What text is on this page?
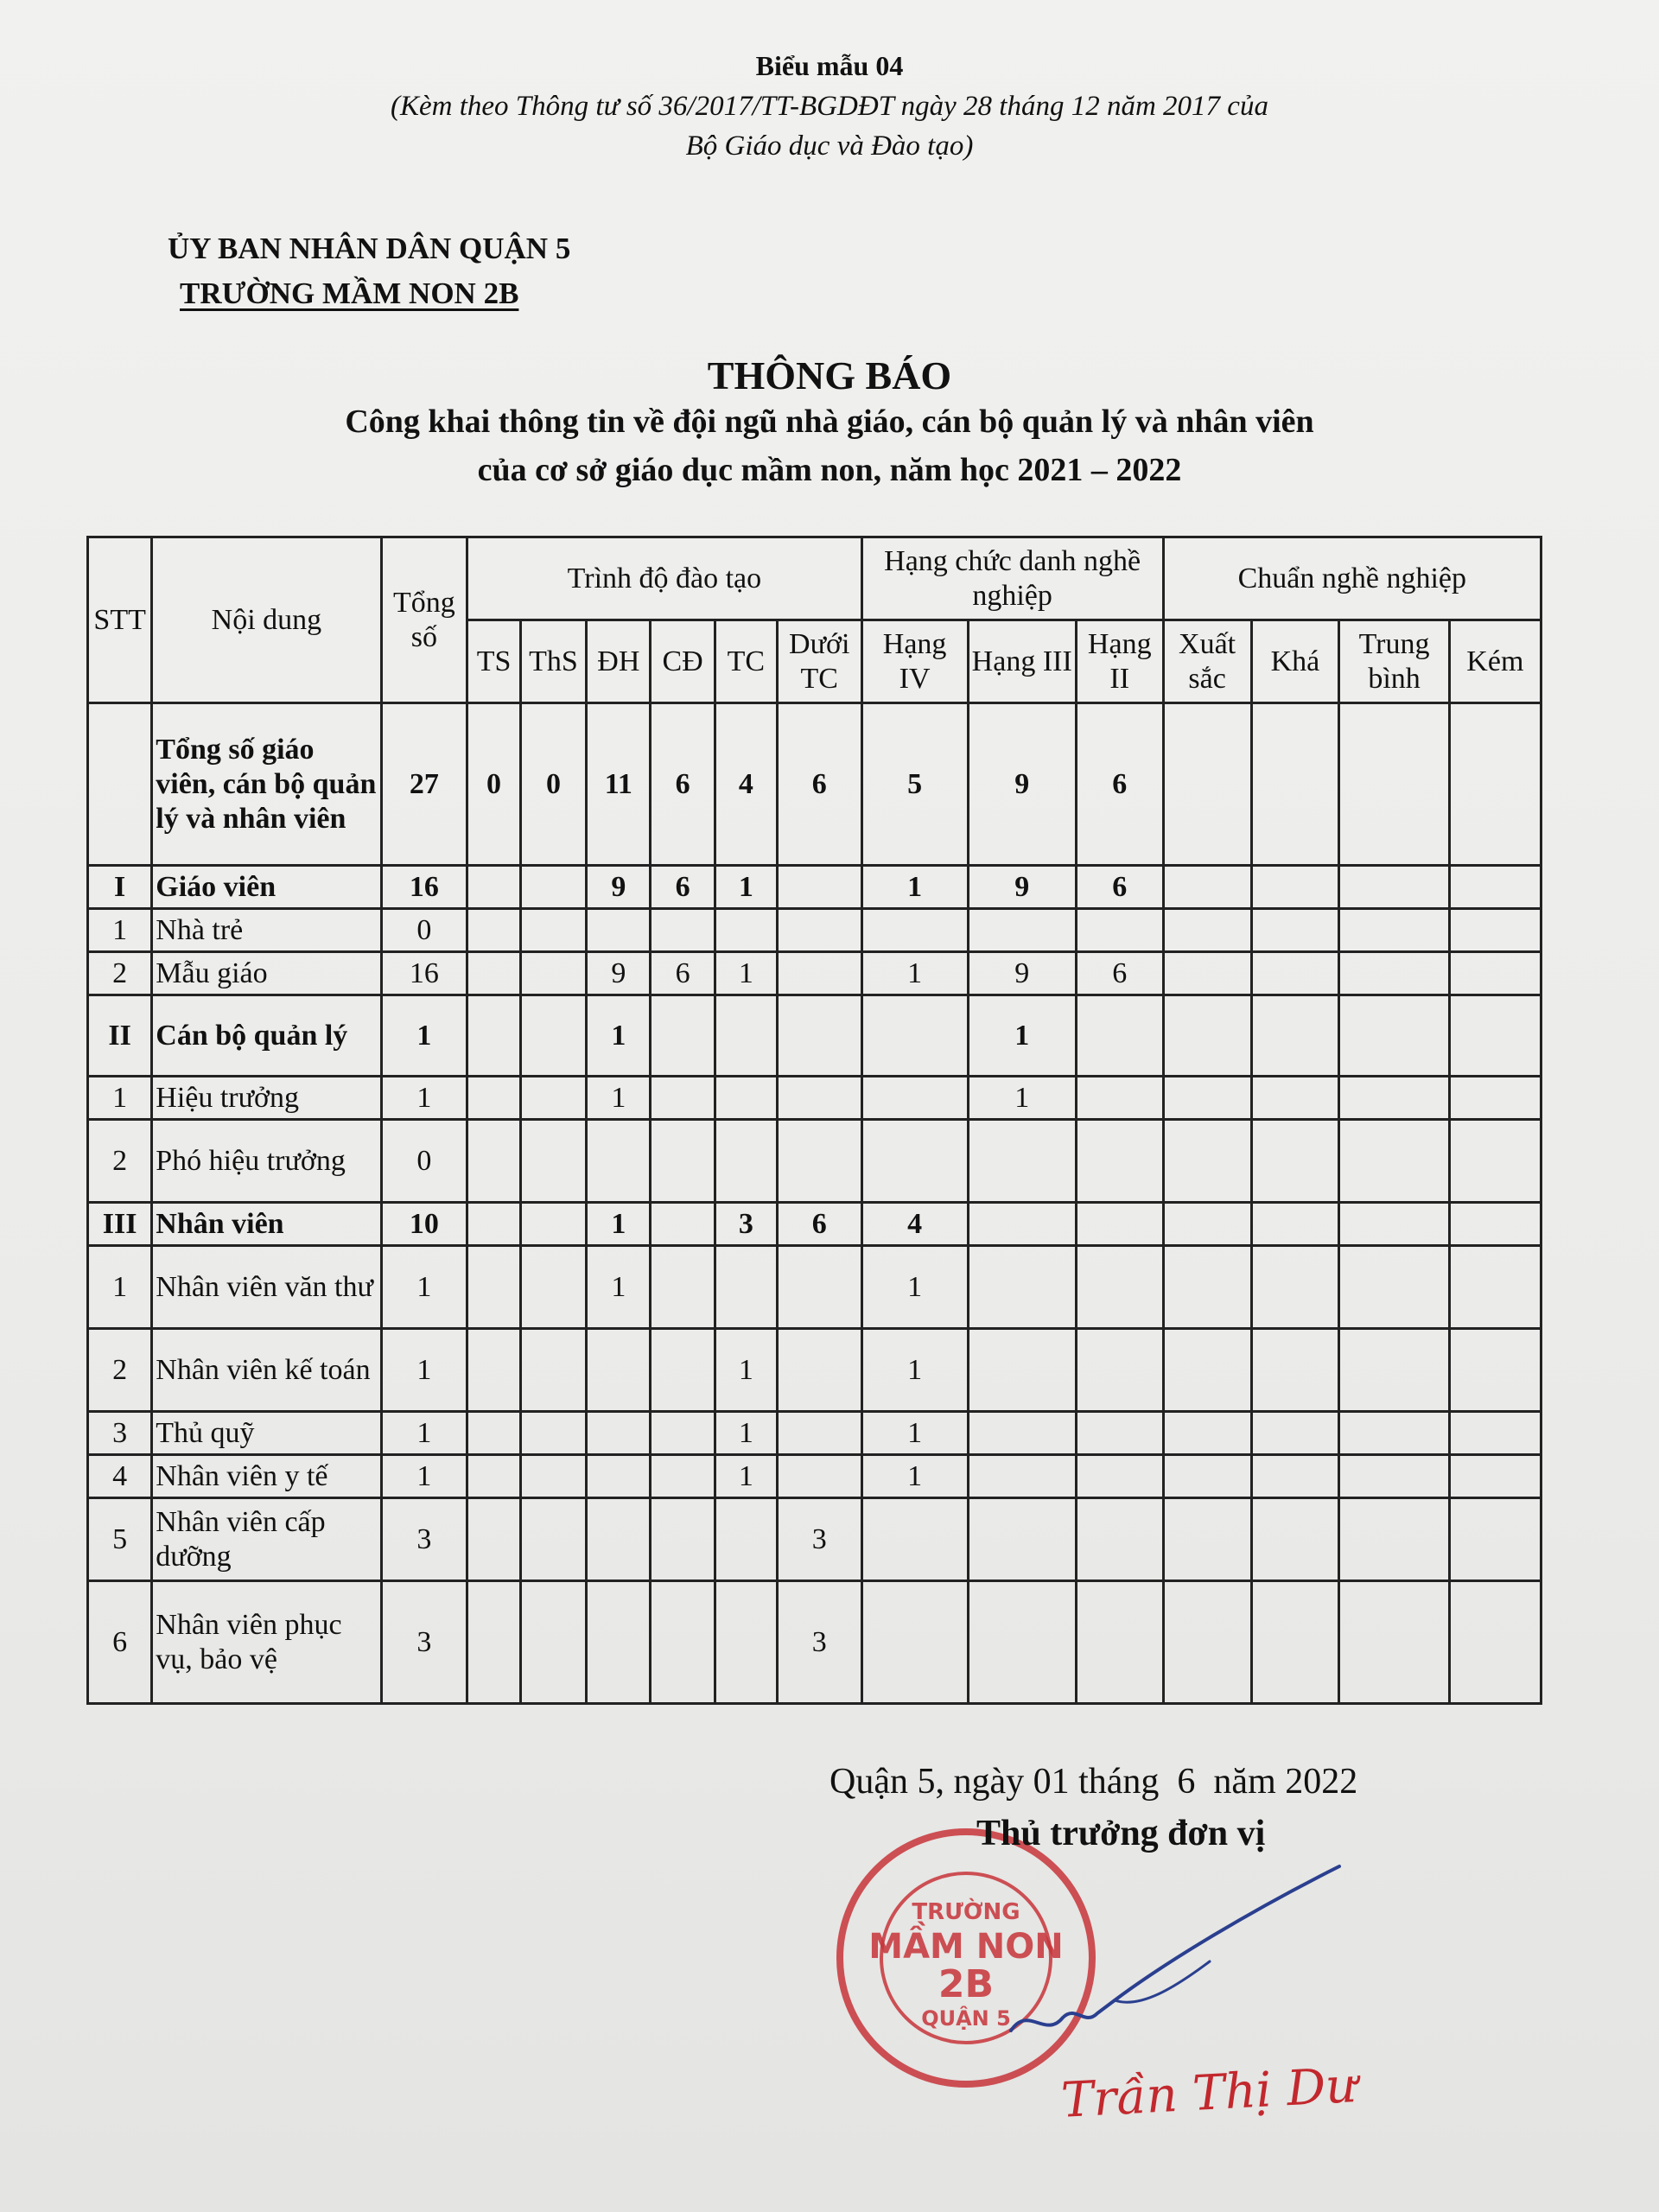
Biểu mẫu 04
(Kèm theo Thông tư số 36/2017/TT-BGDĐT ngày 28 tháng 12 năm 2017 của
Bộ Giáo dục và Đào tạo)
ỦY BAN NHÂN DÂN QUẬN 5
TRƯỜNG MẦM NON 2B
THÔNG BÁO
Công khai thông tin về đội ngũ nhà giáo, cán bộ quản lý và nhân viên
của cơ sở giáo dục mầm non, năm học 2021 – 2022
STT	Nội dung	Tổng số	Trình độ đào tạo						Hạng chức danh nghề nghiệp			Chuẩn nghề nghiệp			
			TS	ThS	ĐH	CĐ	TC	Dưới TC	Hạng IV	Hạng III	Hạng II	Xuất sắc	Khá	Trung bình	Kém
	Tổng số giáo viên, cán bộ quản lý và nhân viên	27	0	0	11	6	4	6	5	9	6				
I	Giáo viên	16			9	6	1		1	9	6				
1	Nhà trẻ	0													
2	Mẫu giáo	16			9	6	1		1	9	6				
II	Cán bộ quản lý	1			1					1					
1	Hiệu trưởng	1			1					1					
2	Phó hiệu trưởng	0													
III	Nhân viên	10			1		3	6	4						
1	Nhân viên văn thư	1			1				1						
2	Nhân viên kế toán	1					1		1						
3	Thủ quỹ	1					1		1						
4	Nhân viên y tế	1					1		1						
5	Nhân viên cấp dưỡng	3						3							
6	Nhân viên phục vụ, bảo vệ	3						3							
Quận 5, ngày 01 tháng  6  năm 2022
TRƯỜNG
MẦM NON
2B
QUẬN 5
Thủ trưởng đơn vị
Trần Thị Dư
